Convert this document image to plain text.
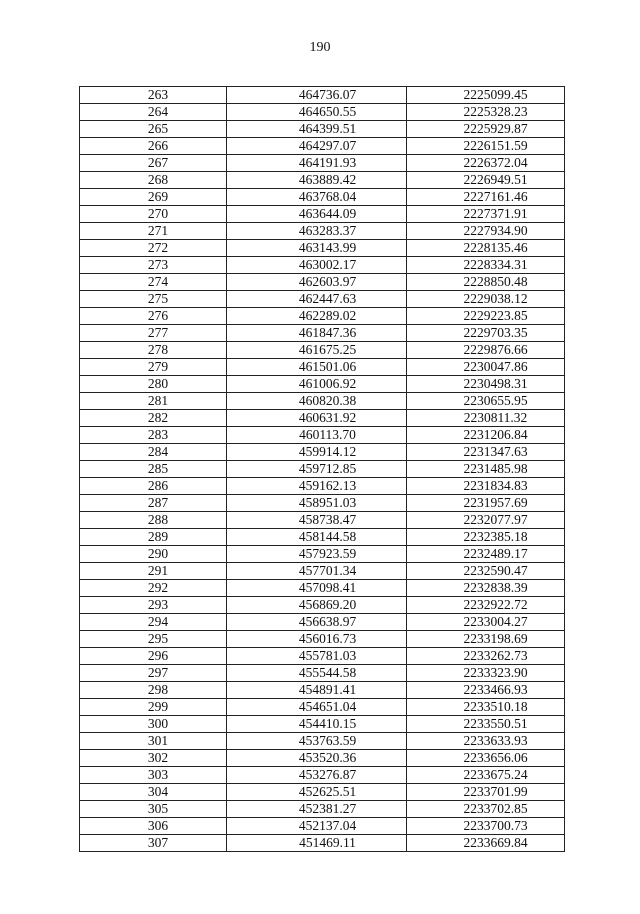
190
263	464736.07	2225099.45
264	464650.55	2225328.23
265	464399.51	2225929.87
266	464297.07	2226151.59
267	464191.93	2226372.04
268	463889.42	2226949.51
269	463768.04	2227161.46
270	463644.09	2227371.91
271	463283.37	2227934.90
272	463143.99	2228135.46
273	463002.17	2228334.31
274	462603.97	2228850.48
275	462447.63	2229038.12
276	462289.02	2229223.85
277	461847.36	2229703.35
278	461675.25	2229876.66
279	461501.06	2230047.86
280	461006.92	2230498.31
281	460820.38	2230655.95
282	460631.92	2230811.32
283	460113.70	2231206.84
284	459914.12	2231347.63
285	459712.85	2231485.98
286	459162.13	2231834.83
287	458951.03	2231957.69
288	458738.47	2232077.97
289	458144.58	2232385.18
290	457923.59	2232489.17
291	457701.34	2232590.47
292	457098.41	2232838.39
293	456869.20	2232922.72
294	456638.97	2233004.27
295	456016.73	2233198.69
296	455781.03	2233262.73
297	455544.58	2233323.90
298	454891.41	2233466.93
299	454651.04	2233510.18
300	454410.15	2233550.51
301	453763.59	2233633.93
302	453520.36	2233656.06
303	453276.87	2233675.24
304	452625.51	2233701.99
305	452381.27	2233702.85
306	452137.04	2233700.73
307	451469.11	2233669.84
